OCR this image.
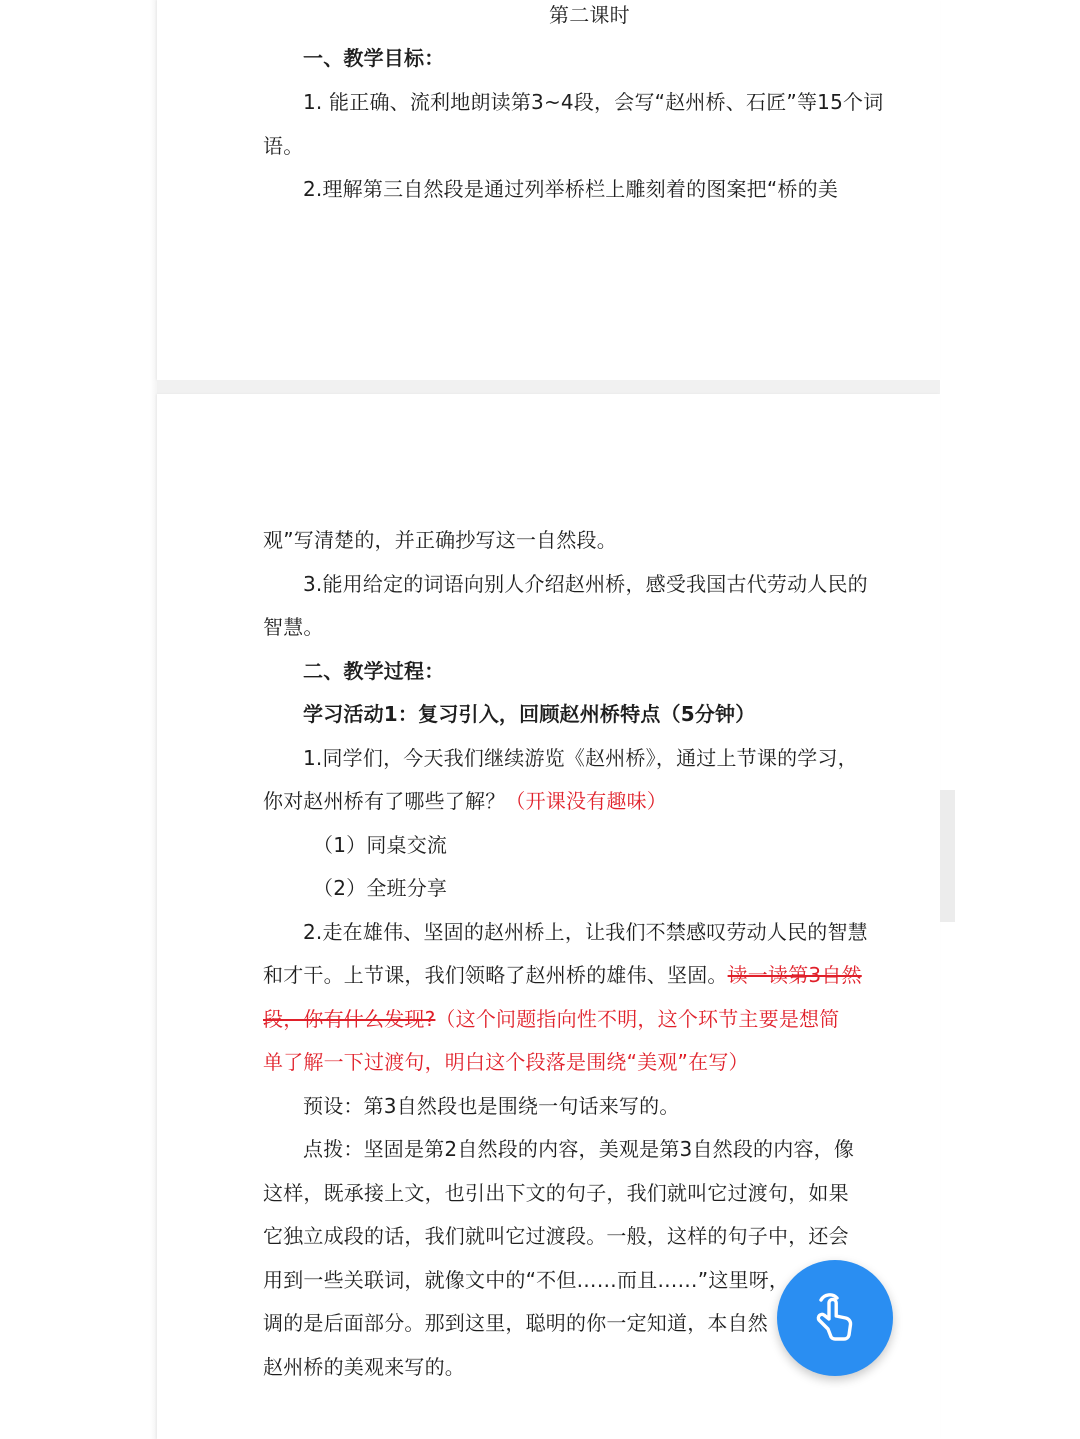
第二课时
一、教学目标：
1. 能正确、流利地朗读第3~4段，会写“赵州桥、石匠”等15个词
语。
2.理解第三自然段是通过列举桥栏上雕刻着的图案把“桥的美
观”写清楚的，并正确抄写这一自然段。
3.能用给定的词语向别人介绍赵州桥，感受我国古代劳动人民的
智慧。
二、教学过程：
学习活动1：复习引入，回顾赵州桥特点（5分钟）
1.同学们，今天我们继续游览《赵州桥》，通过上节课的学习，
你对赵州桥有了哪些了解？（开课没有趣味）
（1）同桌交流
（2）全班分享
2.走在雄伟、坚固的赵州桥上，让我们不禁感叹劳动人民的智慧
和才干。上节课，我们领略了赵州桥的雄伟、坚固。读一读第3自然
段，你有什么发现?（这个问题指向性不明，这个环节主要是想简
单了解一下过渡句，明白这个段落是围绕“美观”在写）
预设：第3自然段也是围绕一句话来写的。
点拨：坚固是第2自然段的内容，美观是第3自然段的内容，像
这样，既承接上文，也引出下文的句子，我们就叫它过渡句，如果
它独立成段的话，我们就叫它过渡段。一般，这样的句子中，还会
用到一些关联词，就像文中的“不但……而且……”这里呀，
调的是后面部分。那到这里，聪明的你一定知道，本自然
赵州桥的美观来写的。
